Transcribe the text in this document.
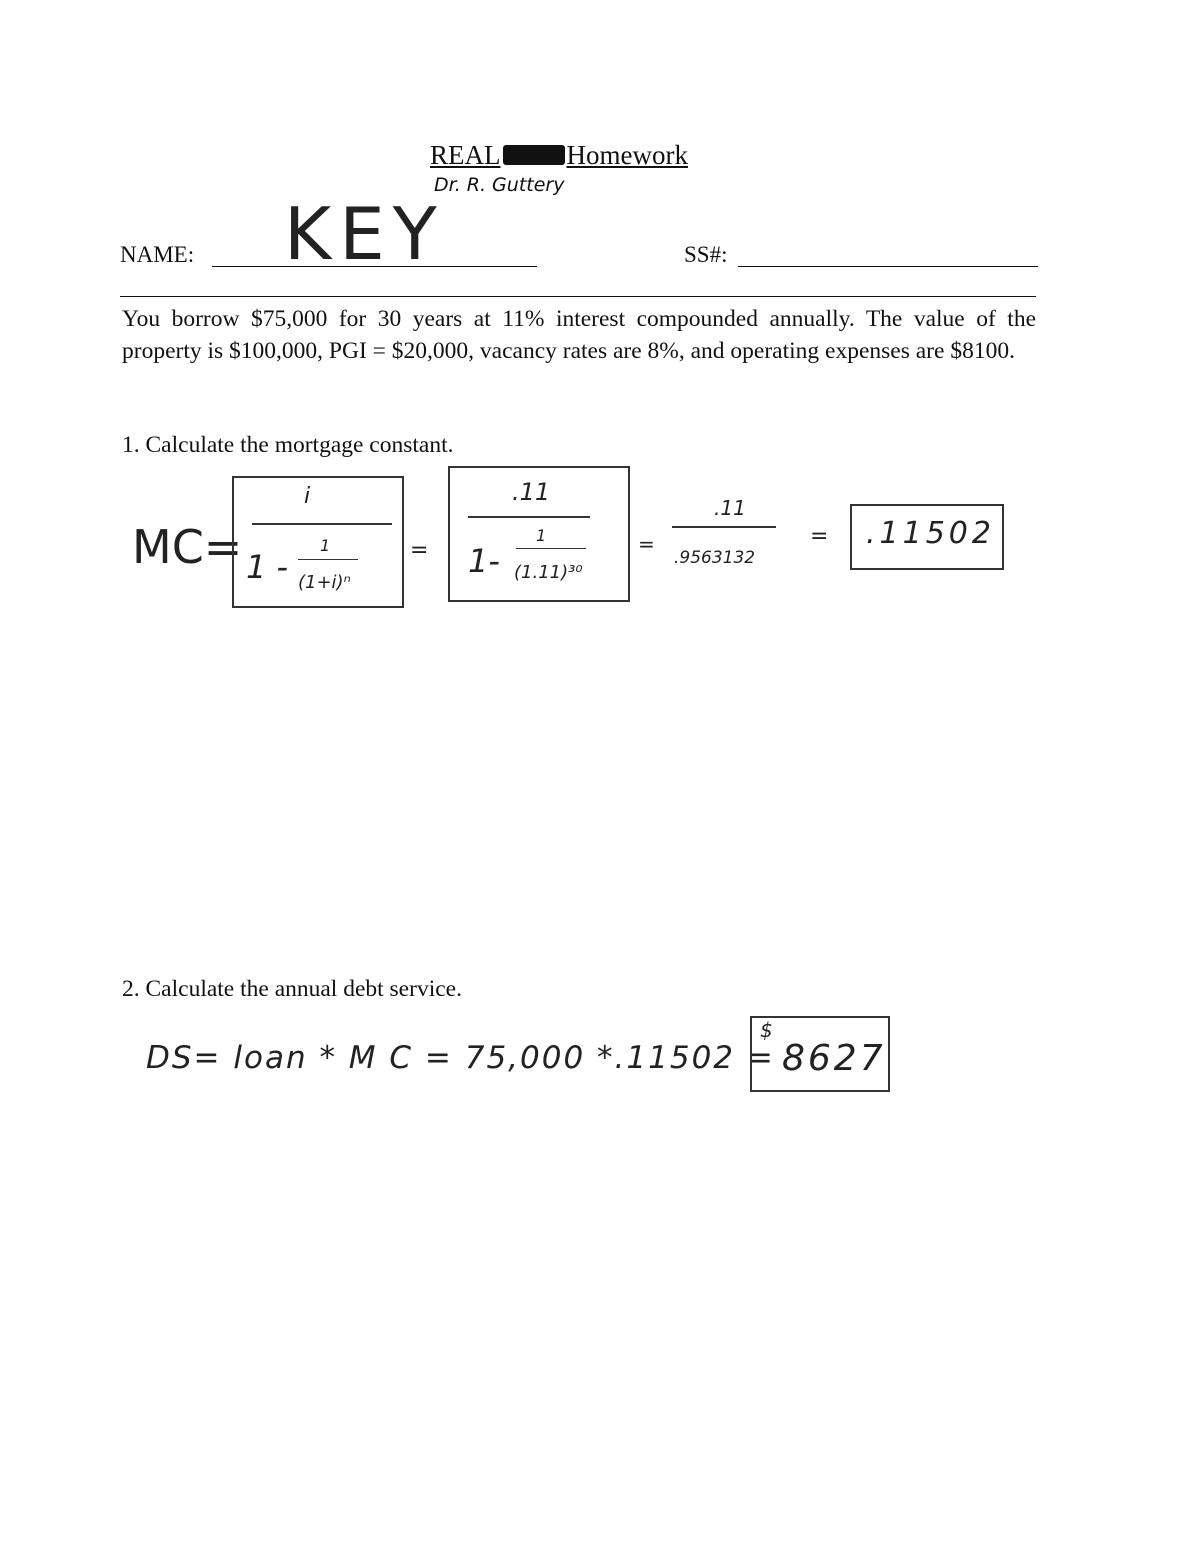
REAL Homework
Dr. R. Guttery
NAME: KEY	SS#:
You borrow $75,000 for 30 years at 11% interest compounded annually. The value of the property is $100,000, PGI = $20,000, vacancy rates are 8%, and operating expenses are $8100.
1. Calculate the mortgage constant.
MC=
i
1 -
1
(1+i)ⁿ
=
.11
1-
1
(1.11)³⁰
=
.11
.9563132
= .11502
2. Calculate the annual debt service.
DS= loan * M C = 75,000 *.11502 =
$
8627
